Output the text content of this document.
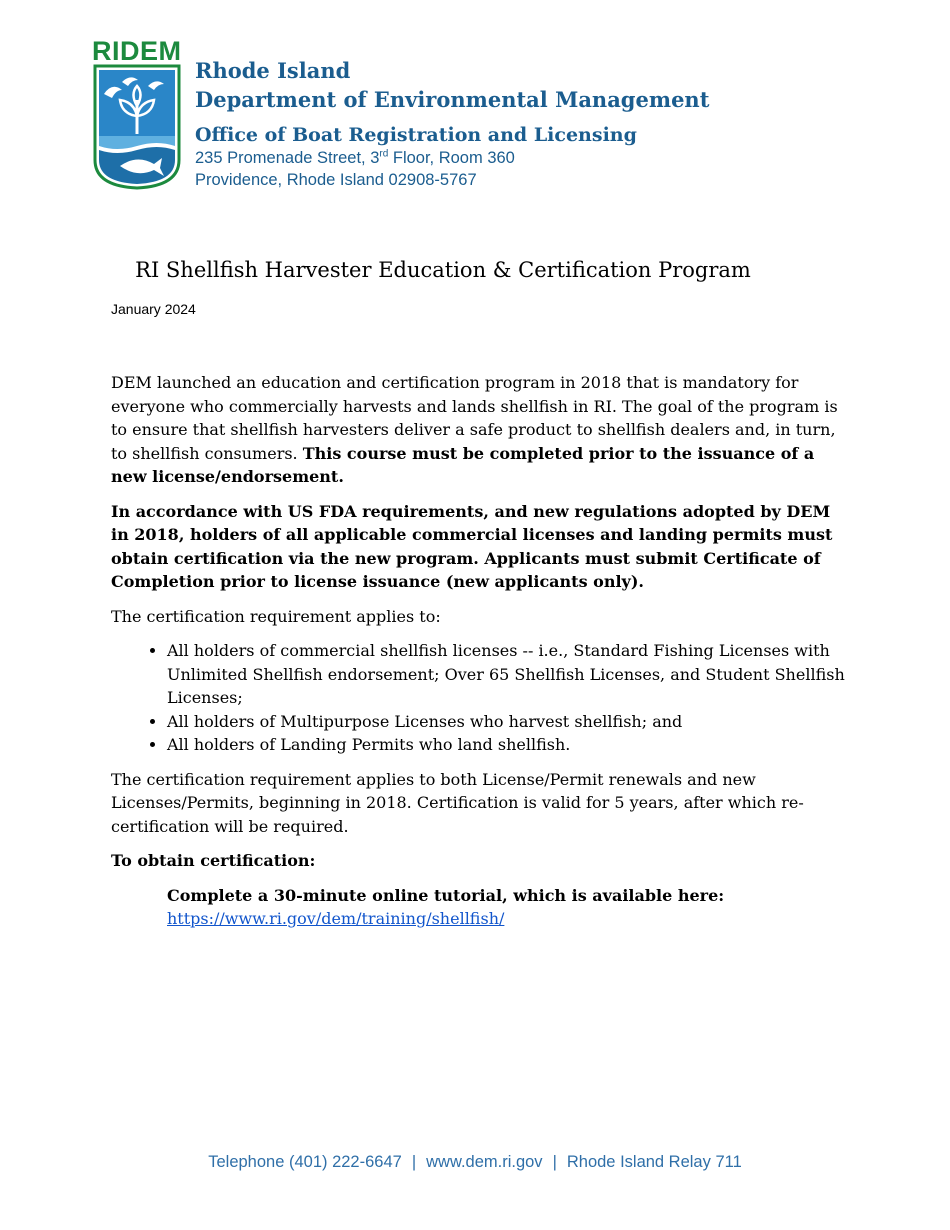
RIDEM
Rhode Island
Department of Environmental Management
Office of Boat Registration and Licensing
235 Promenade Street, 3rd Floor, Room 360
Providence, Rhode Island 02908-5767
RI Shellfish Harvester Education & Certification Program
January 2024

DEM launched an education and certification program in 2018 that is mandatory for everyone who commercially harvests and lands shellfish in RI. The goal of the program is to ensure that shellfish harvesters deliver a safe product to shellfish dealers and, in turn, to shellfish consumers. This course must be completed prior to the issuance of a new license/endorsement.

In accordance with US FDA requirements, and new regulations adopted by DEM in 2018, holders of all applicable commercial licenses and landing permits must obtain certification via the new program. Applicants must submit Certificate of Completion prior to license issuance (new applicants only).

The certification requirement applies to:

• All holders of commercial shellfish licenses -- i.e., Standard Fishing Licenses with Unlimited Shellfish endorsement; Over 65 Shellfish Licenses, and Student Shellfish Licenses;
• All holders of Multipurpose Licenses who harvest shellfish; and
• All holders of Landing Permits who land shellfish.

The certification requirement applies to both License/Permit renewals and new Licenses/Permits, beginning in 2018. Certification is valid for 5 years, after which re-certification will be required.

To obtain certification:

Complete a 30-minute online tutorial, which is available here:
https://www.ri.gov/dem/training/shellfish/
Telephone (401) 222-6647 | www.dem.ri.gov | Rhode Island Relay 711
